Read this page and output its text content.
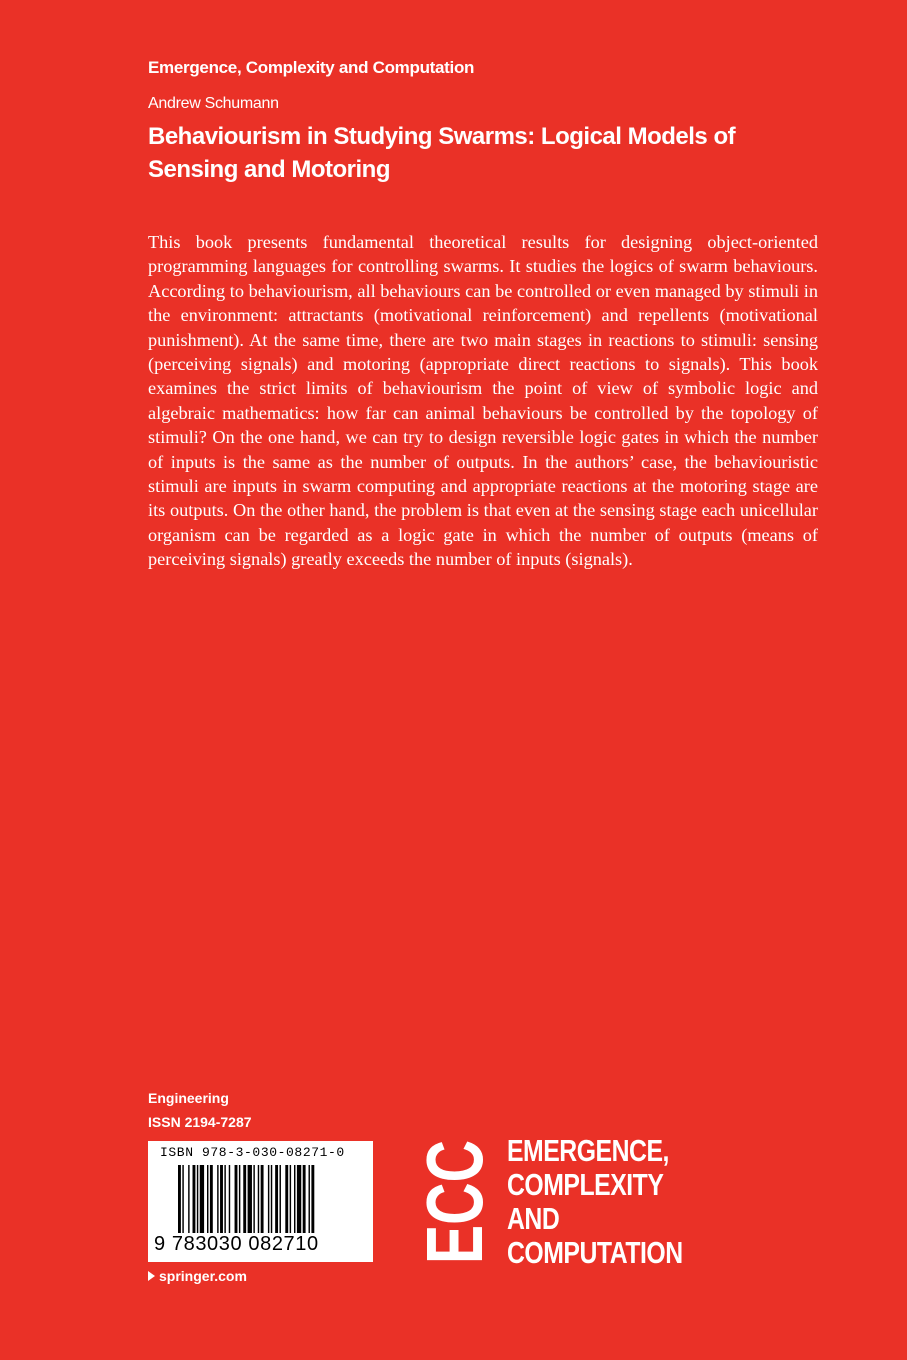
Emergence, Complexity and Computation
Andrew Schumann
Behaviourism in Studying Swarms: Logical Models of Sensing and Motoring
This book presents fundamental theoretical results for designing object-oriented programming languages for controlling swarms. It studies the logics of swarm behaviours. According to behaviourism, all behaviours can be controlled or even managed by stimuli in the environment: attractants (motivational reinforcement) and repellents (motivational punishment). At the same time, there are two main stages in reactions to stimuli: sensing (perceiving signals) and motoring (appropriate direct reactions to signals). This book examines the strict limits of behaviourism the point of view of symbolic logic and algebraic mathematics: how far can animal behaviours be controlled by the topology of stimuli? On the one hand, we can try to design reversible logic gates in which the number of inputs is the same as the number of outputs. In the authors’ case, the behaviouristic stimuli are inputs in swarm computing and appropriate reactions at the motoring stage are its outputs. On the other hand, the problem is that even at the sensing stage each unicellular organism can be regarded as a logic gate in which the number of outputs (means of perceiving signals) greatly exceeds the number of inputs (signals).
Engineering
ISSN 2194-7287
ISBN 978-3-030-08271-0
9 783030 082710
springer.com
ECC EMERGENCE,
COMPLEXITY
AND
COMPUTATION
